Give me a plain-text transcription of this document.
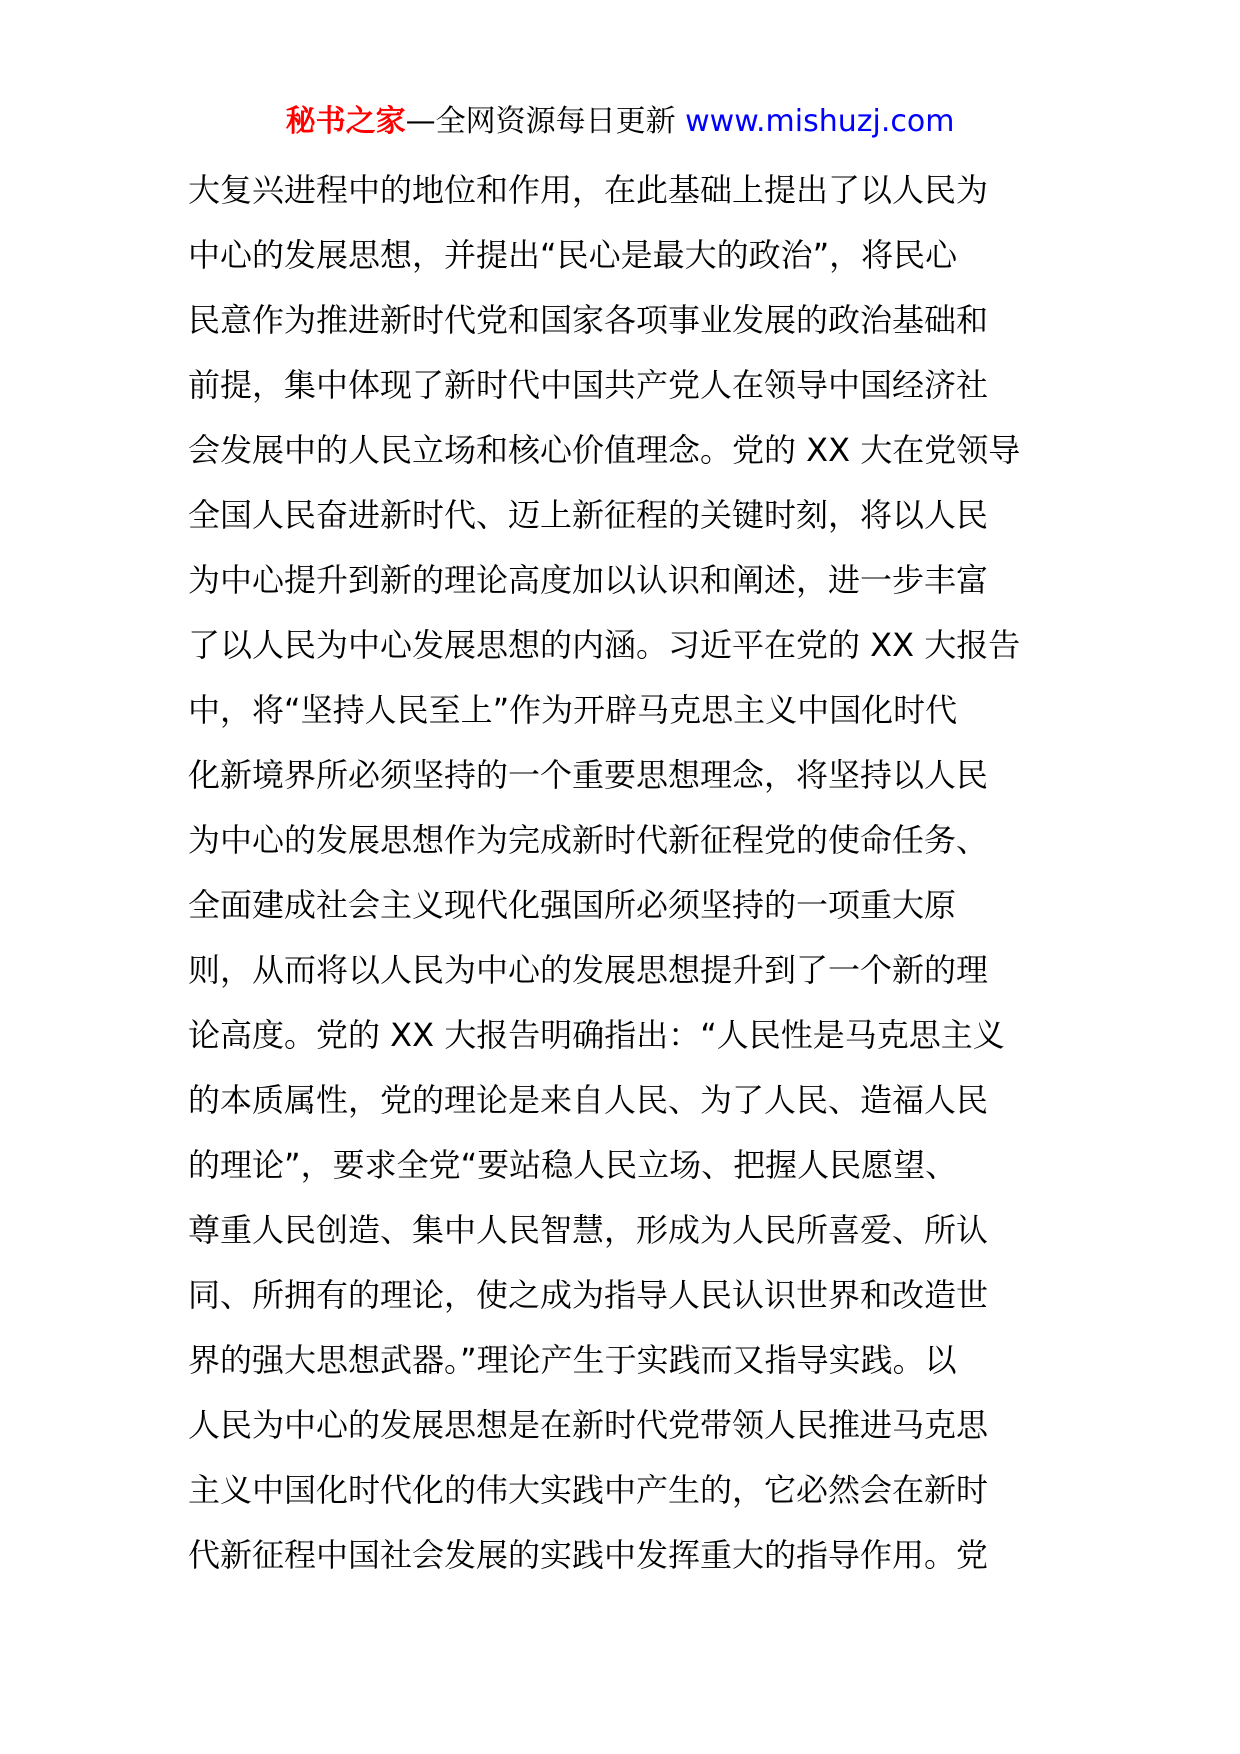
秘书之家—全网资源每日更新 www.mishuzj.com
大复兴进程中的地位和作用，在此基础上提出了以人民为
中心的发展思想，并提出“民心是最大的政治”，将民心
民意作为推进新时代党和国家各项事业发展的政治基础和
前提，集中体现了新时代中国共产党人在领导中国经济社
会发展中的人民立场和核心价值理念。党的 XX 大在党领导
全国人民奋进新时代、迈上新征程的关键时刻，将以人民
为中心提升到新的理论高度加以认识和阐述，进一步丰富
了以人民为中心发展思想的内涵。习近平在党的 XX 大报告
中，将“坚持人民至上”作为开辟马克思主义中国化时代
化新境界所必须坚持的一个重要思想理念，将坚持以人民
为中心的发展思想作为完成新时代新征程党的使命任务、
全面建成社会主义现代化强国所必须坚持的一项重大原
则，从而将以人民为中心的发展思想提升到了一个新的理
论高度。党的 XX 大报告明确指出：“人民性是马克思主义
的本质属性，党的理论是来自人民、为了人民、造福人民
的理论”，要求全党“要站稳人民立场、把握人民愿望、
尊重人民创造、集中人民智慧，形成为人民所喜爱、所认
同、所拥有的理论，使之成为指导人民认识世界和改造世
界的强大思想武器。”理论产生于实践而又指导实践。以
人民为中心的发展思想是在新时代党带领人民推进马克思
主义中国化时代化的伟大实践中产生的，它必然会在新时
代新征程中国社会发展的实践中发挥重大的指导作用。党
